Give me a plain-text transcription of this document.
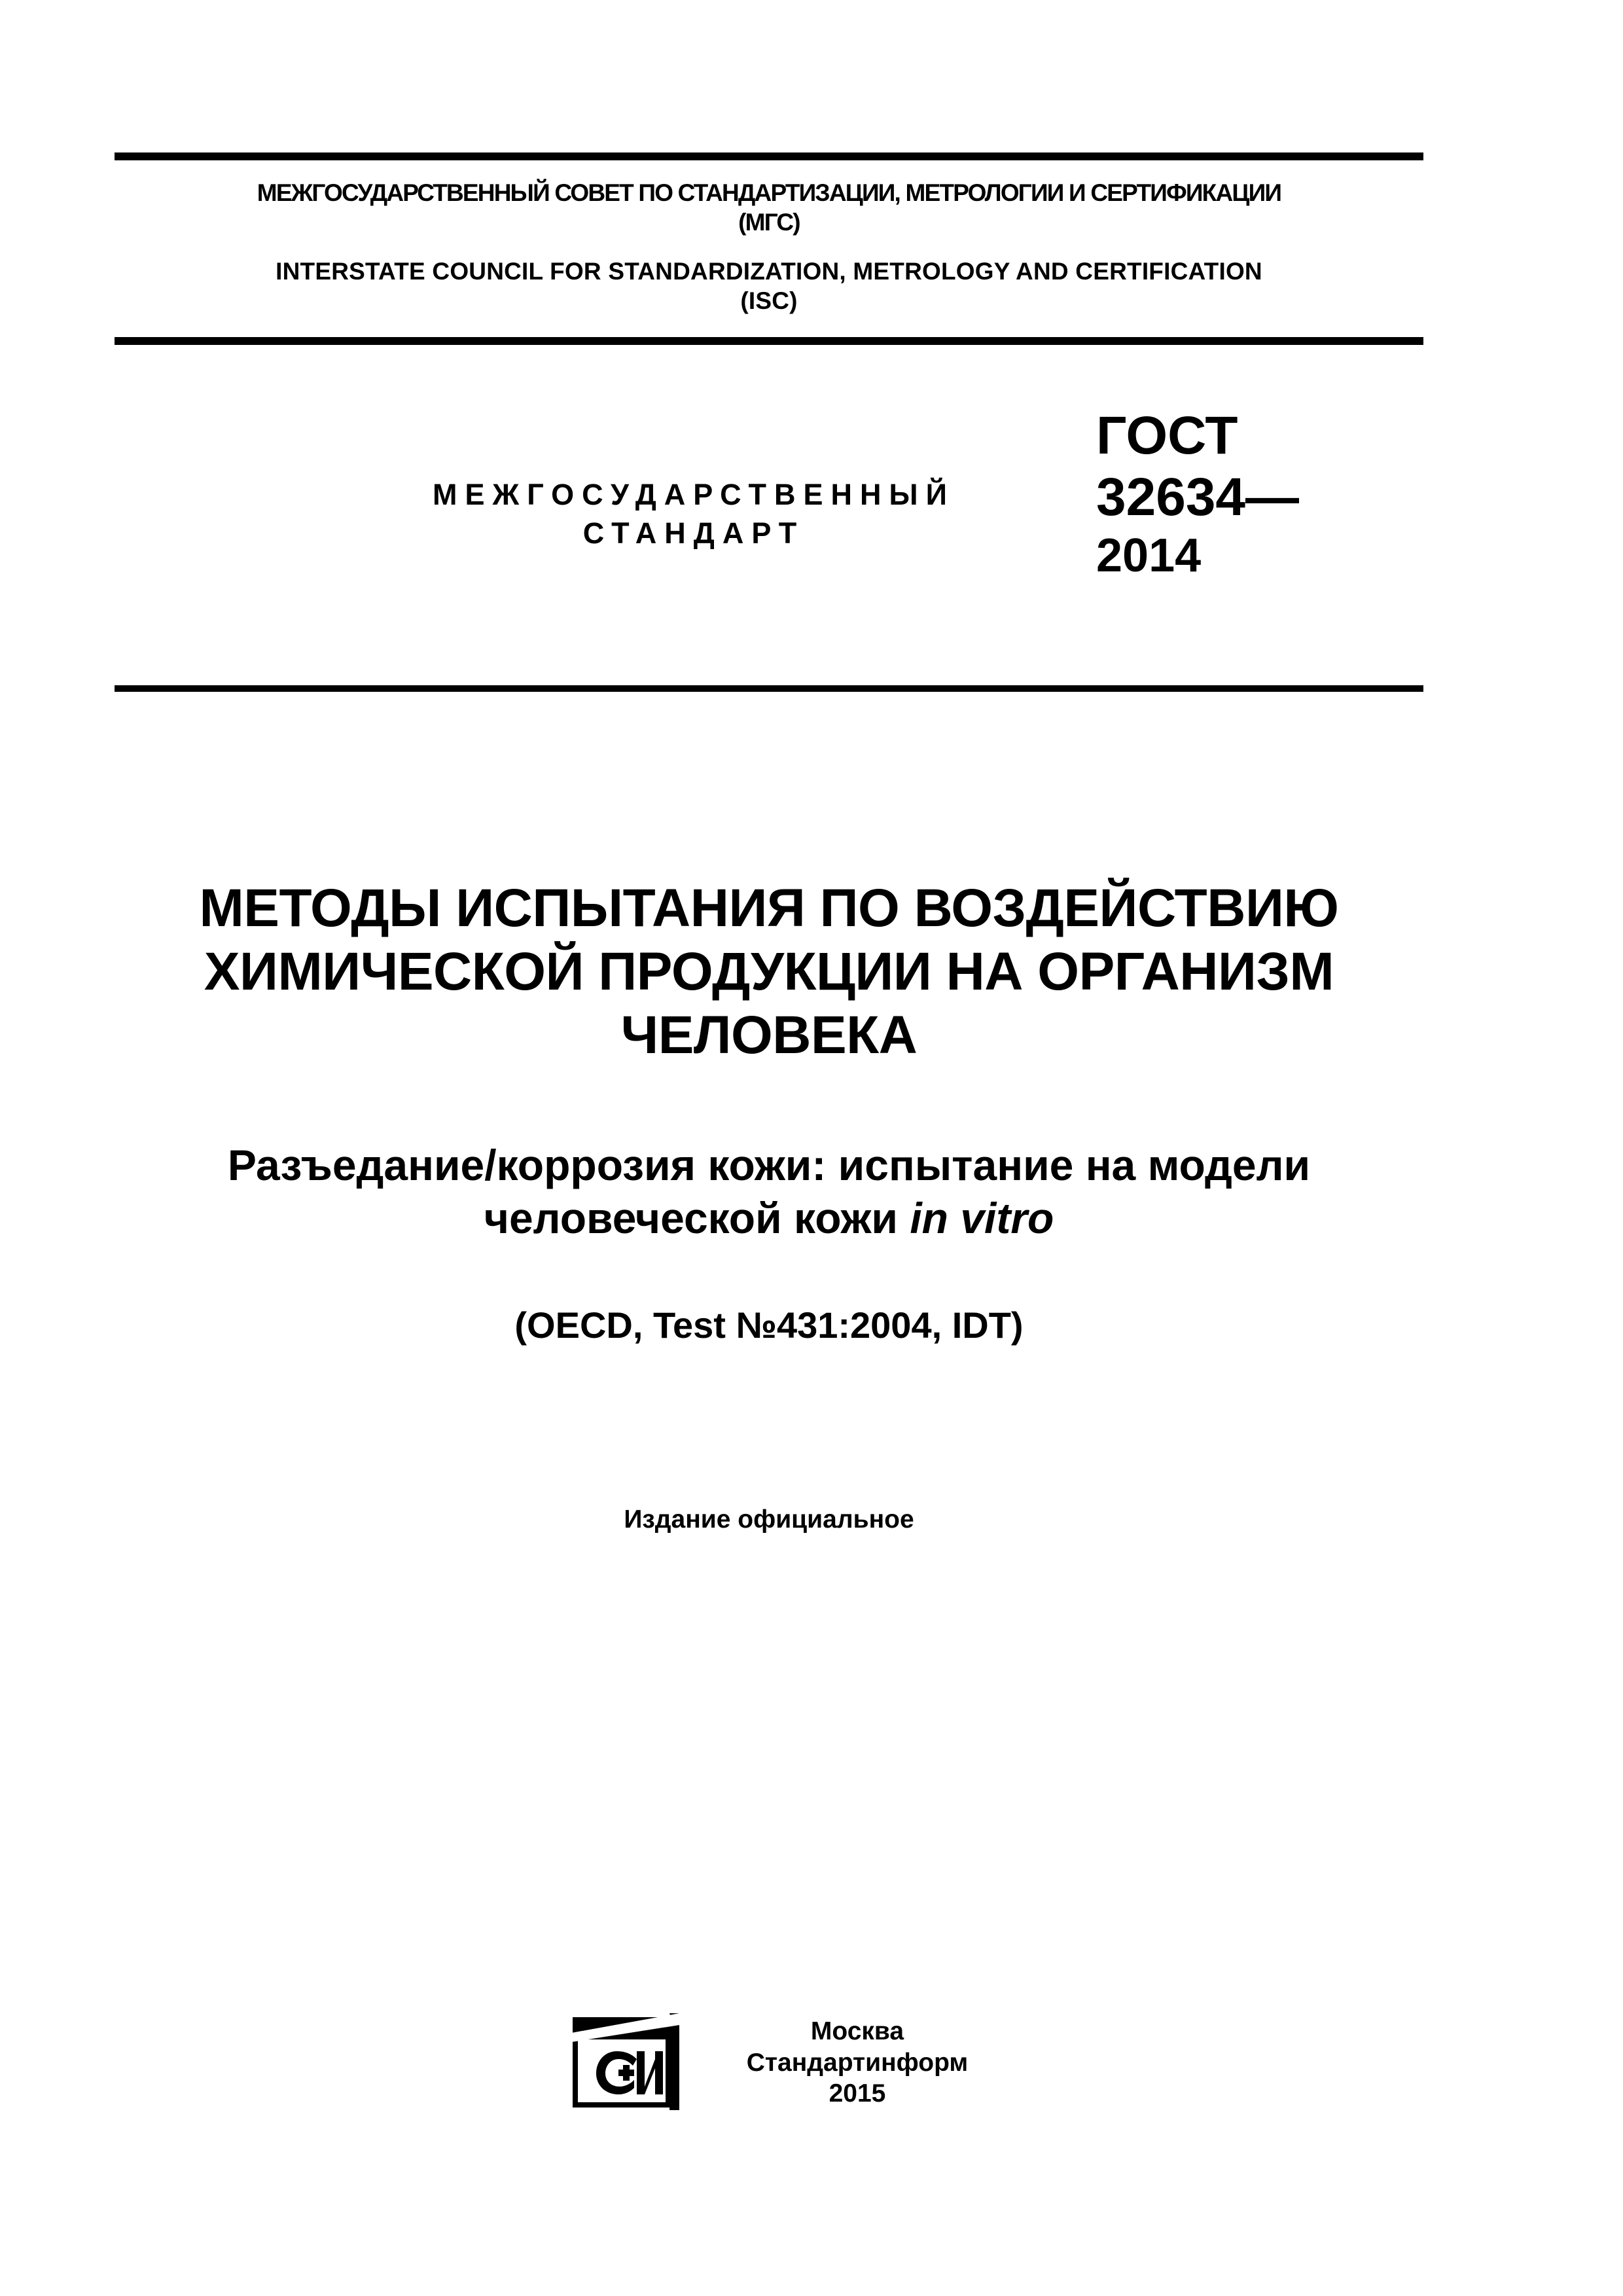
МЕЖГОСУДАРСТВЕННЫЙ СОВЕТ ПО СТАНДАРТИЗАЦИИ, МЕТРОЛОГИИ И СЕРТИФИКАЦИИ
(МГС)
INTERSTATE COUNCIL FOR STANDARDIZATION, METROLOGY AND CERTIFICATION
(ISC)
МЕЖГОСУДАРСТВЕННЫЙ
СТАНДАРТ
ГОСТ
32634—
2014
МЕТОДЫ ИСПЫТАНИЯ ПО ВОЗДЕЙСТВИЮ
ХИМИЧЕСКОЙ ПРОДУКЦИИ НА ОРГАНИЗМ
ЧЕЛОВЕКА
Разъедание/коррозия кожи: испытание на модели
человеческой кожи in vitro
(OECD, Test №431:2004, IDT)
Издание официальное
Москва
Стандартинформ
2015
